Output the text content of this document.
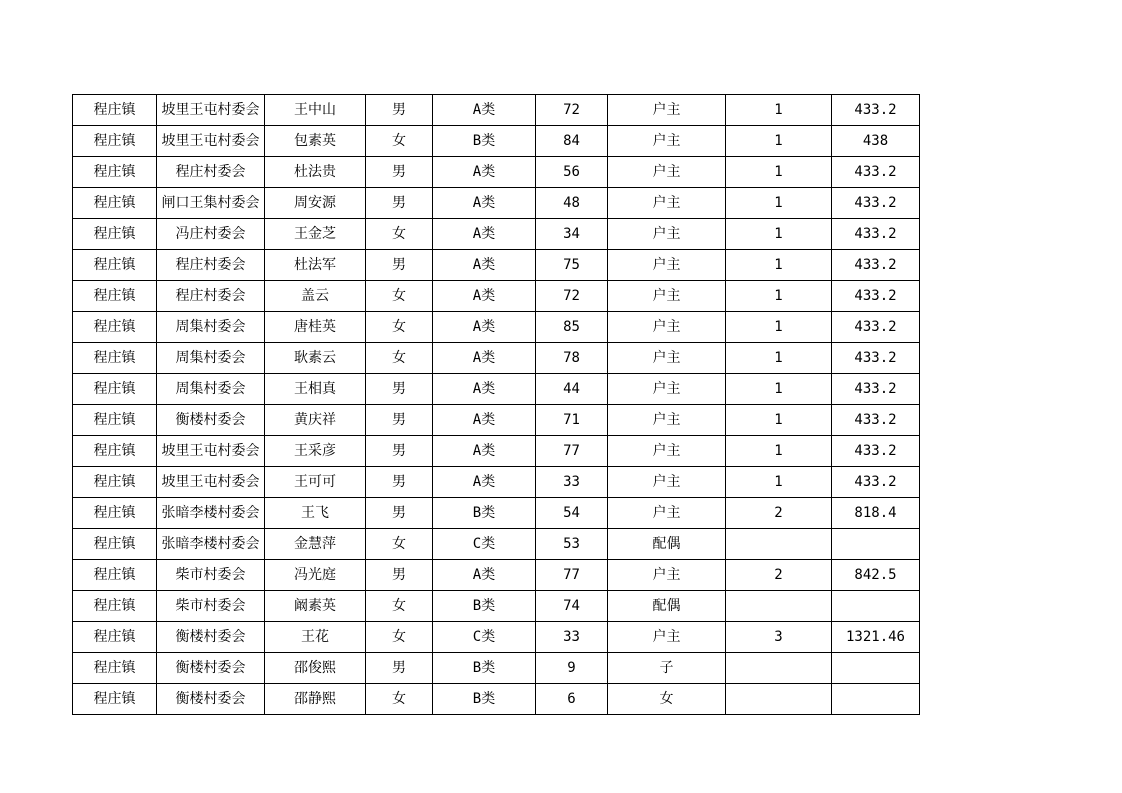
程庄镇	坡里王屯村委会	王中山	男	A类	72	户主	1	433.2
程庄镇	坡里王屯村委会	包素英	女	B类	84	户主	1	438
程庄镇	程庄村委会	杜法贵	男	A类	56	户主	1	433.2
程庄镇	闸口王集村委会	周安源	男	A类	48	户主	1	433.2
程庄镇	冯庄村委会	王金芝	女	A类	34	户主	1	433.2
程庄镇	程庄村委会	杜法军	男	A类	75	户主	1	433.2
程庄镇	程庄村委会	盖云	女	A类	72	户主	1	433.2
程庄镇	周集村委会	唐桂英	女	A类	85	户主	1	433.2
程庄镇	周集村委会	耿素云	女	A类	78	户主	1	433.2
程庄镇	周集村委会	王相真	男	A类	44	户主	1	433.2
程庄镇	衡楼村委会	黄庆祥	男	A类	71	户主	1	433.2
程庄镇	坡里王屯村委会	王采彦	男	A类	77	户主	1	433.2
程庄镇	坡里王屯村委会	王可可	男	A类	33	户主	1	433.2
程庄镇	张暗李楼村委会	王飞	男	B类	54	户主	2	818.4
程庄镇	张暗李楼村委会	金慧萍	女	C类	53	配偶		
程庄镇	柴市村委会	冯光庭	男	A类	77	户主	2	842.5
程庄镇	柴市村委会	阚素英	女	B类	74	配偶		
程庄镇	衡楼村委会	王花	女	C类	33	户主	3	1321.46
程庄镇	衡楼村委会	邵俊熙	男	B类	9	子		
程庄镇	衡楼村委会	邵静熙	女	B类	6	女		
